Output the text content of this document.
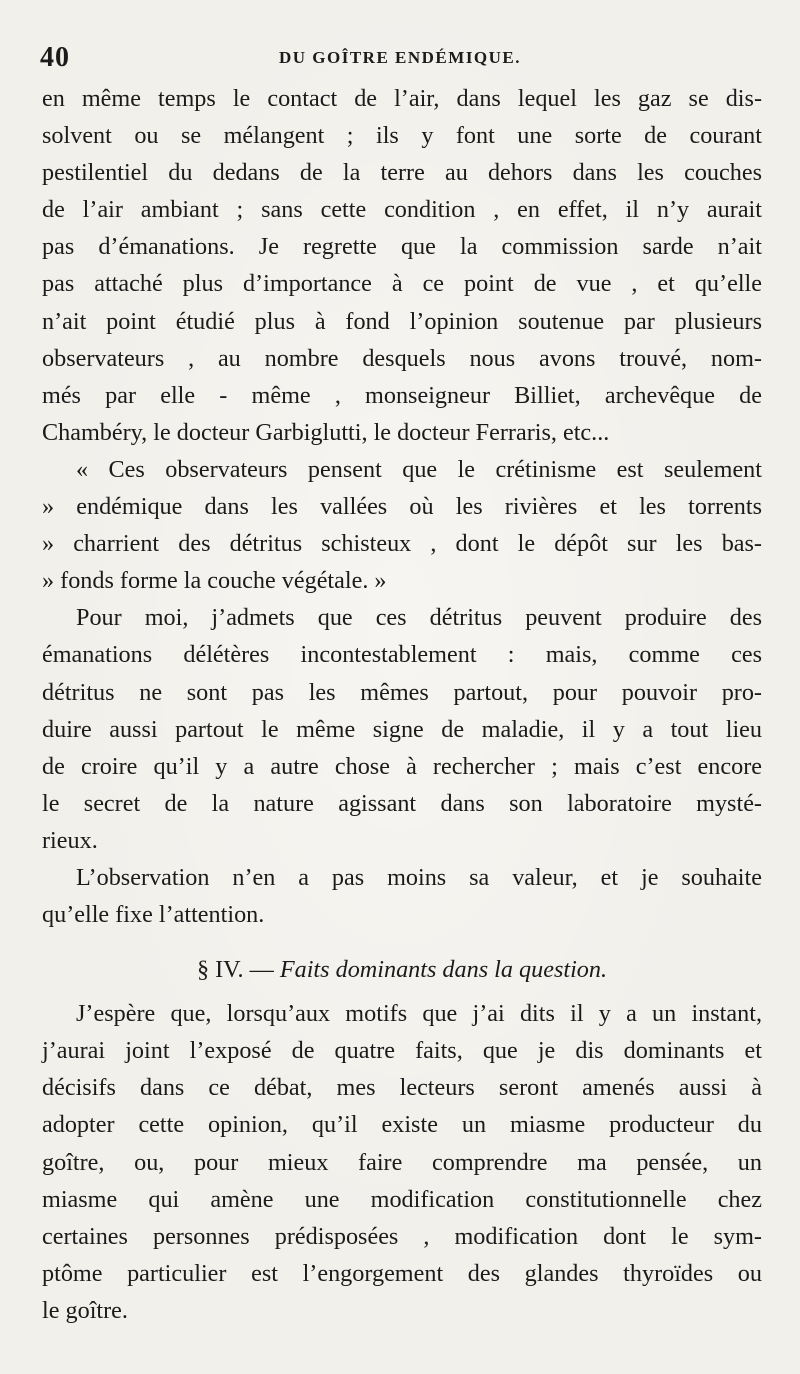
40	DU GOÎTRE ENDÉMIQUE.
en même temps le contact de l’air, dans lequel les gaz se dis-
solvent ou se mélangent ; ils y font une sorte de courant
pestilentiel du dedans de la terre au dehors dans les couches
de l’air ambiant ; sans cette condition , en effet, il n’y aurait
pas d’émanations. Je regrette que la commission sarde n’ait
pas attaché plus d’importance à ce point de vue , et qu’elle
n’ait point étudié plus à fond l’opinion soutenue par plusieurs
observateurs , au nombre desquels nous avons trouvé, nom-
més par elle - même , monseigneur Billiet, archevêque de
Chambéry, le docteur Garbiglutti, le docteur Ferraris, etc...
« Ces observateurs pensent que le crétinisme est seulement
» endémique dans les vallées où les rivières et les torrents
» charrient des détritus schisteux , dont le dépôt sur les bas-
» fonds forme la couche végétale. »
Pour moi, j’admets que ces détritus peuvent produire des
émanations délétères incontestablement : mais, comme ces
détritus ne sont pas les mêmes partout, pour pouvoir pro-
duire aussi partout le même signe de maladie, il y a tout lieu
de croire qu’il y a autre chose à rechercher ; mais c’est encore
le secret de la nature agissant dans son laboratoire mysté-
rieux.
L’observation n’en a pas moins sa valeur, et je souhaite
qu’elle fixe l’attention.
§ IV. — Faits dominants dans la question.
J’espère que, lorsqu’aux motifs que j’ai dits il y a un instant,
j’aurai joint l’exposé de quatre faits, que je dis dominants et
décisifs dans ce débat, mes lecteurs seront amenés aussi à
adopter cette opinion, qu’il existe un miasme producteur du
goître, ou, pour mieux faire comprendre ma pensée, un
miasme qui amène une modification constitutionnelle chez
certaines personnes prédisposées , modification dont le sym-
ptôme particulier est l’engorgement des glandes thyroïdes ou
le goître.
